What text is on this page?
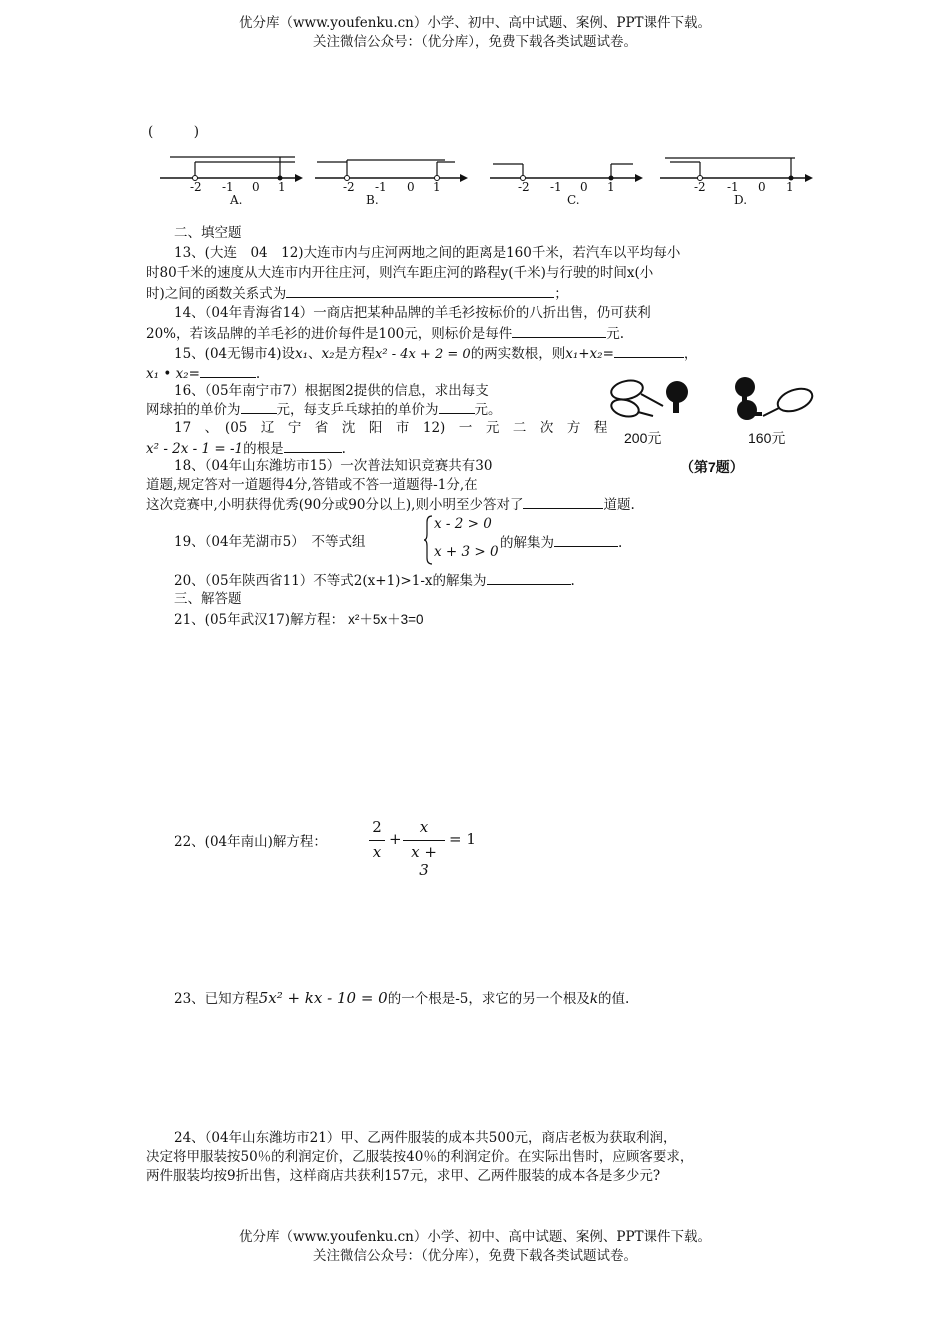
优分库（www.youfenku.cn）小学、初中、高中试题、案例、PPT课件下载。
关注微信公众号：（优分库），免费下载各类试题试卷。
(　　　)
-2 -1 0 1
A.
-2 -1 0 1
B.
-2 -1 0 1
C.
-2 -1 0 1
D.
二、填空题
13、(大连　04　12)大连市内与庄河两地之间的距离是160千米，若汽车以平均每小
时80千米的速度从大连市内开往庄河，则汽车距庄河的路程y(千米)与行驶的时间x(小
时)之间的函数关系式为	；
14、（04年青海省14）一商店把某种品牌的羊毛衫按标价的八折出售，仍可获利
20%，若该品牌的羊毛衫的进价每件是100元，则标价是每件	元.
15、(04无锡市4)设x₁、x₂是方程x² - 4x + 2 = 0的两实数根，则x₁+x₂=	，
x₁ • x₂=	.
16、（05年南宁市7）根据图2提供的信息，求出每支
网球拍的单价为	元，每支乒乓球拍的单价为	元。
17　、　(05　辽　宁　省　沈　阳　市　12)　一　元　二　次　方　程
x² - 2x - 1 = -1的根是	.
200元	160元
（第7题）
18、（04年山东潍坊市15）一次普法知识竞赛共有30
道题,规定答对一道题得4分,答错或不答一道题得-1分,在
这次竞赛中,小明获得优秀(90分或90分以上),则小明至少答对了	道题.
19、（04年芜湖市5）　不等式组
x - 2 > 0
x + 3 > 0
的解集为	.
20、（05年陕西省11）不等式2(x+1)>1-x的解集为	.
三、解答题
21、(05年武汉17)解方程： x²＋5x＋3=0
22、(04年南山)解方程：
2
x
+
x
x + 3
= 1
23、已知方程5x² + kx - 10 = 0的一个根是-5，求它的另一个根及k的值.
24、（04年山东潍坊市21）甲、乙两件服装的成本共500元，商店老板为获取利润，
决定将甲服装按50％的利润定价，乙服装按40％的利润定价。在实际出售时，应顾客要求，
两件服装均按9折出售，这样商店共获利157元，求甲、乙两件服装的成本各是多少元?
优分库（www.youfenku.cn）小学、初中、高中试题、案例、PPT课件下载。
关注微信公众号：（优分库），免费下载各类试题试卷。
